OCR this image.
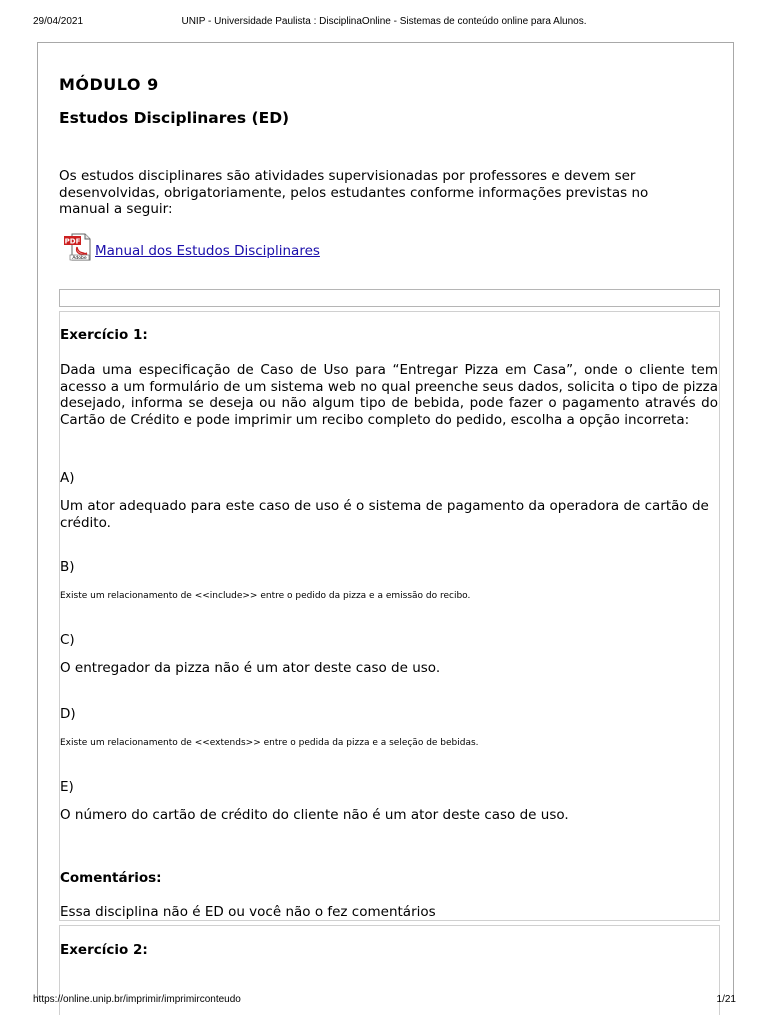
29/04/2021	UNIP - Universidade Paulista : DisciplinaOnline - Sistemas de conteúdo online para Alunos.
MÓDULO 9
Estudos Disciplinares (ED)

Os estudos disciplinares são atividades supervisionadas por professores e devem ser desenvolvidas, obrigatoriamente, pelos estudantes conforme informações previstas no manual a seguir:

PDF
Adobe Manual dos Estudos Disciplinares
Exercício 1:

Dada uma especificação de Caso de Uso para “Entregar Pizza em Casa”, onde o cliente tem acesso a um formulário de um sistema web no qual preenche seus dados, solicita o tipo de pizza desejado, informa se deseja ou não algum tipo de bebida, pode fazer o pagamento através do Cartão de Crédito e pode imprimir um recibo completo do pedido, escolha a opção incorreta:

A)

Um ator adequado para este caso de uso é o sistema de pagamento da operadora de cartão de crédito.

B)

Existe um relacionamento de <<include>> entre o pedido da pizza e a emissão do recibo.

C)

O entregador da pizza não é um ator deste caso de uso.

D)

Existe um relacionamento de <<extends>> entre o pedida da pizza e a seleção de bebidas.

E)

O número do cartão de crédito do cliente não é um ator deste caso de uso.

Comentários:

Essa disciplina não é ED ou você não o fez comentários

Exercício 2:
https://online.unip.br/imprimir/imprimirconteudo	1/21
